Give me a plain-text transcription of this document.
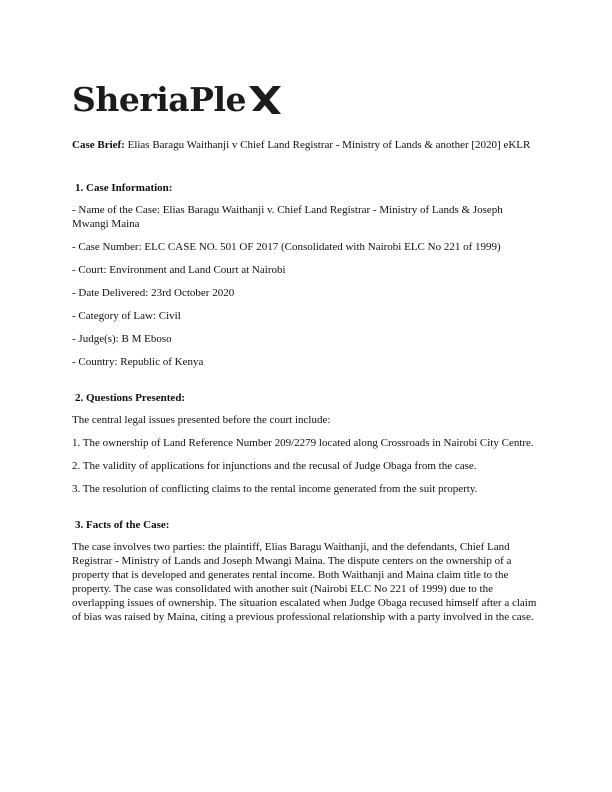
SheriaPle

Case Brief: Elias Baragu Waithanji v Chief Land Registrar - Ministry of Lands & another [2020] eKLR

1. Case Information:

- Name of the Case: Elias Baragu Waithanji v. Chief Land Registrar - Ministry of Lands & Joseph Mwangi Maina

- Case Number: ELC CASE NO. 501 OF 2017 (Consolidated with Nairobi ELC No 221 of 1999)

- Court: Environment and Land Court at Nairobi

- Date Delivered: 23rd October 2020

- Category of Law: Civil

- Judge(s): B M Eboso

- Country: Republic of Kenya

2. Questions Presented:

The central legal issues presented before the court include:

1. The ownership of Land Reference Number 209/2279 located along Crossroads in Nairobi City Centre.

2. The validity of applications for injunctions and the recusal of Judge Obaga from the case.

3. The resolution of conflicting claims to the rental income generated from the suit property.

3. Facts of the Case:

The case involves two parties: the plaintiff, Elias Baragu Waithanji, and the defendants, Chief Land Registrar - Ministry of Lands and Joseph Mwangi Maina. The dispute centers on the ownership of a property that is developed and generates rental income. Both Waithanji and Maina claim title to the property. The case was consolidated with another suit (Nairobi ELC No 221 of 1999) due to the overlapping issues of ownership. The situation escalated when Judge Obaga recused himself after a claim of bias was raised by Maina, citing a previous professional relationship with a party involved in the case.
